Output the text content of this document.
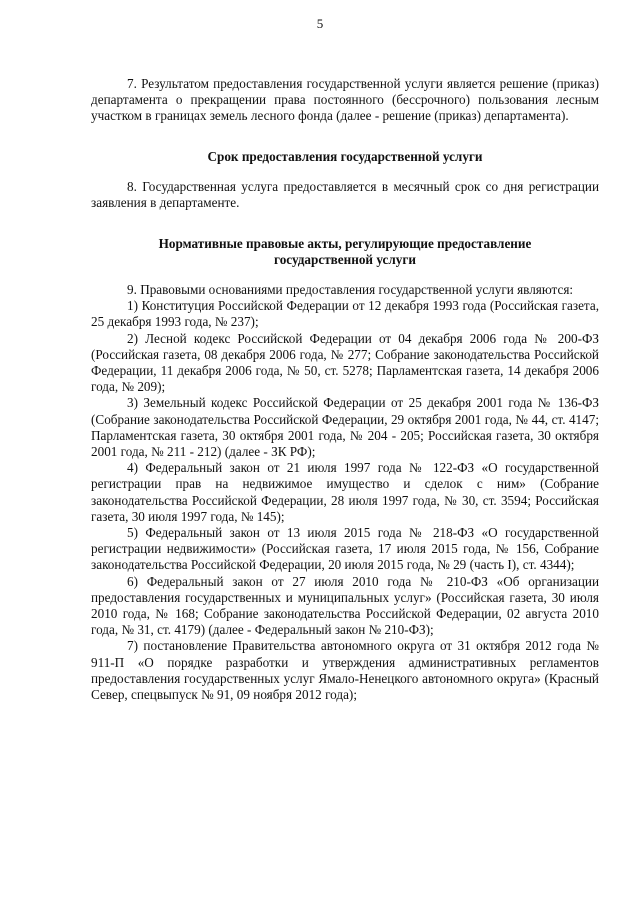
5

7. Результатом предоставления государственной услуги является решение (приказ) департамента о прекращении права постоянного (бессрочного) пользования лесным участком в границах земель лесного фонда (далее - решение (приказ) департамента).

Срок предоставления государственной услуги

8. Государственная услуга предоставляется в месячный срок со дня регистрации заявления в департаменте.

Нормативные правовые акты, регулирующие предоставление

государственной услуги

9. Правовыми основаниями предоставления государственной услуги являются:

1) Конституция Российской Федерации от 12 декабря 1993 года (Российская газета, 25 декабря 1993 года, № 237);

2) Лесной кодекс Российской Федерации от 04 декабря 2006 года № 200-ФЗ (Российская газета, 08 декабря 2006 года, № 277; Собрание законодательства Российской Федерации, 11 декабря 2006 года, № 50, ст. 5278; Парламентская газета, 14 декабря 2006 года, № 209);

3) Земельный кодекс Российской Федерации от 25 декабря 2001 года № 136-ФЗ (Собрание законодательства Российской Федерации, 29 октября 2001 года, № 44, ст. 4147; Парламентская газета, 30 октября 2001 года, № 204 - 205; Российская газета, 30 октября 2001 года, № 211 - 212) (далее - ЗК РФ);

4) Федеральный закон от 21 июля 1997 года № 122-ФЗ «О государственной регистрации прав на недвижимое имущество и сделок с ним» (Собрание законодательства Российской Федерации, 28 июля 1997 года, № 30, ст. 3594; Российская газета, 30 июля 1997 года, № 145);

5) Федеральный закон от 13 июля 2015 года № 218-ФЗ «О государственной регистрации недвижимости» (Российская газета, 17 июля 2015 года, № 156, Собрание законодательства Российской Федерации, 20 июля 2015 года, № 29 (часть I), ст. 4344);

6) Федеральный закон от 27 июля 2010 года № 210-ФЗ «Об организации предоставления государственных и муниципальных услуг» (Российская газета, 30 июля 2010 года, № 168; Собрание законодательства Российской Федерации, 02 августа 2010 года, № 31, ст. 4179) (далее - Федеральный закон № 210-ФЗ);

7) постановление Правительства автономного округа от 31 октября 2012 года № 911-П «О порядке разработки и утверждения административных регламентов предоставления государственных услуг Ямало-Ненецкого автономного округа» (Красный Север, спецвыпуск № 91, 09 ноября 2012 года);
